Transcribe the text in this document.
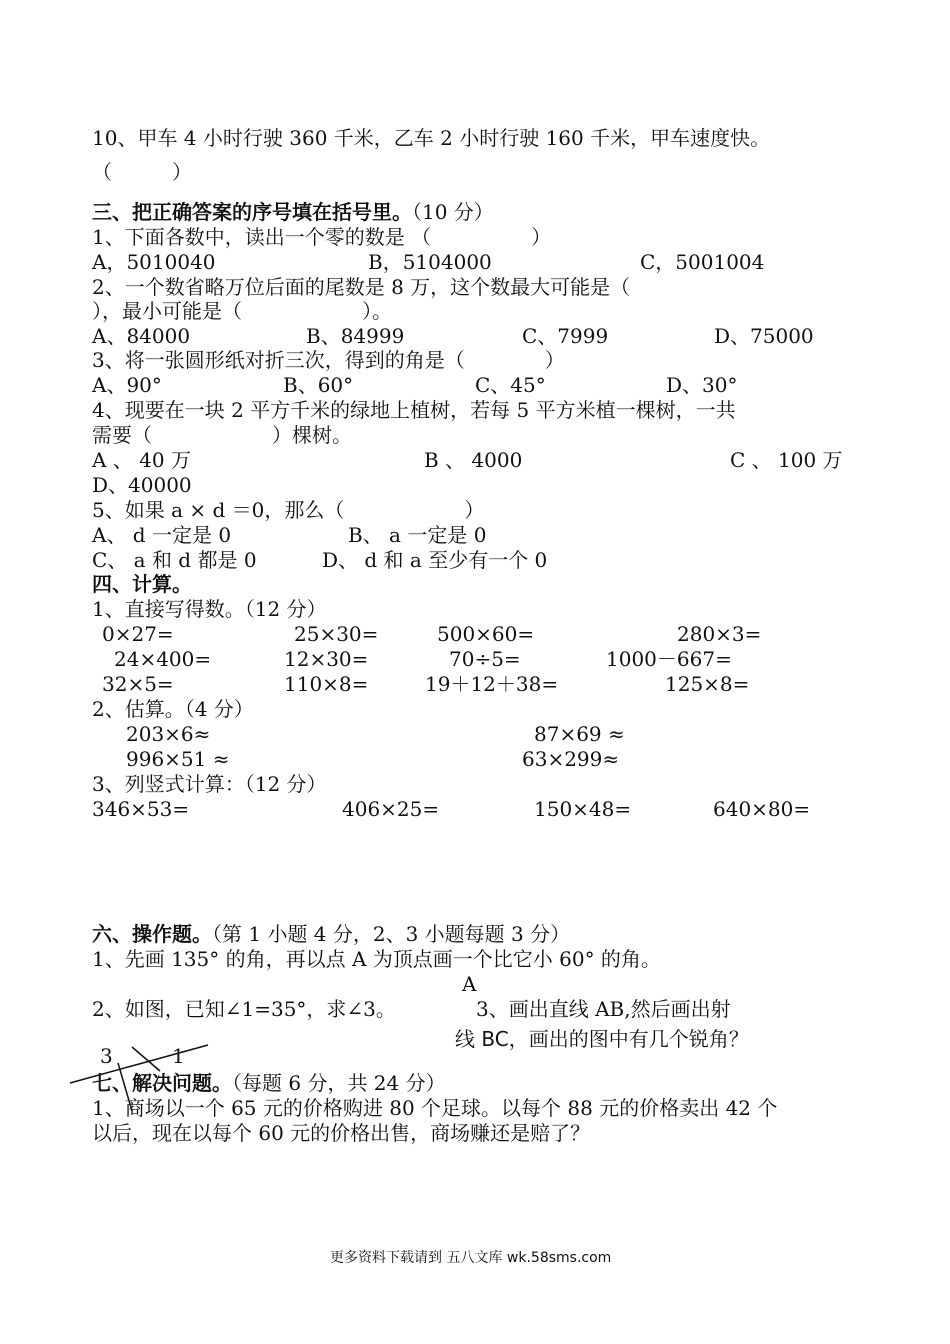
10、甲车 4 小时行驶 360 千米，乙车 2 小时行驶 160 千米，甲车速度快。
（　　　）
三、把正确答案的序号填在括号里。（10 分）
1、下面各数中，读出一个零的数是 （　　　　　）
A，5010040	B，5104000	C，5001004
2、一个数省略万位后面的尾数是 8 万，这个数最大可能是（
），最小可能是（　　　　　　）。
A、84000	B、84999	C、7999	D、75000
3、将一张圆形纸对折三次，得到的角是（　　　　）
A、90°	B、60°	C、45°	D、30°
4、现要在一块 2 平方千米的绿地上植树，若每 5 平方米植一棵树，一共
需要（　　　　　　）棵树。
A 、 40 万	B 、 4000	C 、 100 万
D、40000
5、如果 a × d ＝0，那么（　　　　　　）
A、 d 一定是 0	B、 a 一定是 0
C、 a 和 d 都是 0	D、 d 和 a 至少有一个 0
四、计算。
1、直接写得数。（12 分）
0×27=	25×30=	500×60=	280×3=
24×400=	12×30=	70÷5=	1000－667=
32×5=	110×8=	19＋12＋38=	125×8=
2、估算。（4 分）
203×6≈	87×69 ≈
996×51 ≈	63×299≈
3、列竖式计算：（12 分）
346×53=	406×25=	150×48=	640×80=
六、操作题。（第 1 小题 4 分，2、3 小题每题 3 分）
1、先画 135° 的角，再以点 A 为顶点画一个比它小 60° 的角。
A
2、如图，已知∠1=35°，求∠3。	3、画出直线 AB,然后画出射
线 BC，画出的图中有几个锐角？
3	1
七、解决问题。（每题 6 分，共 24 分）
1、商场以一个 65 元的价格购进 80 个足球。以每个 88 元的价格卖出 42 个
以后，现在以每个 60 元的价格出售，商场赚还是赔了？
更多资料下载请到 五八文库 wk.58sms.com
